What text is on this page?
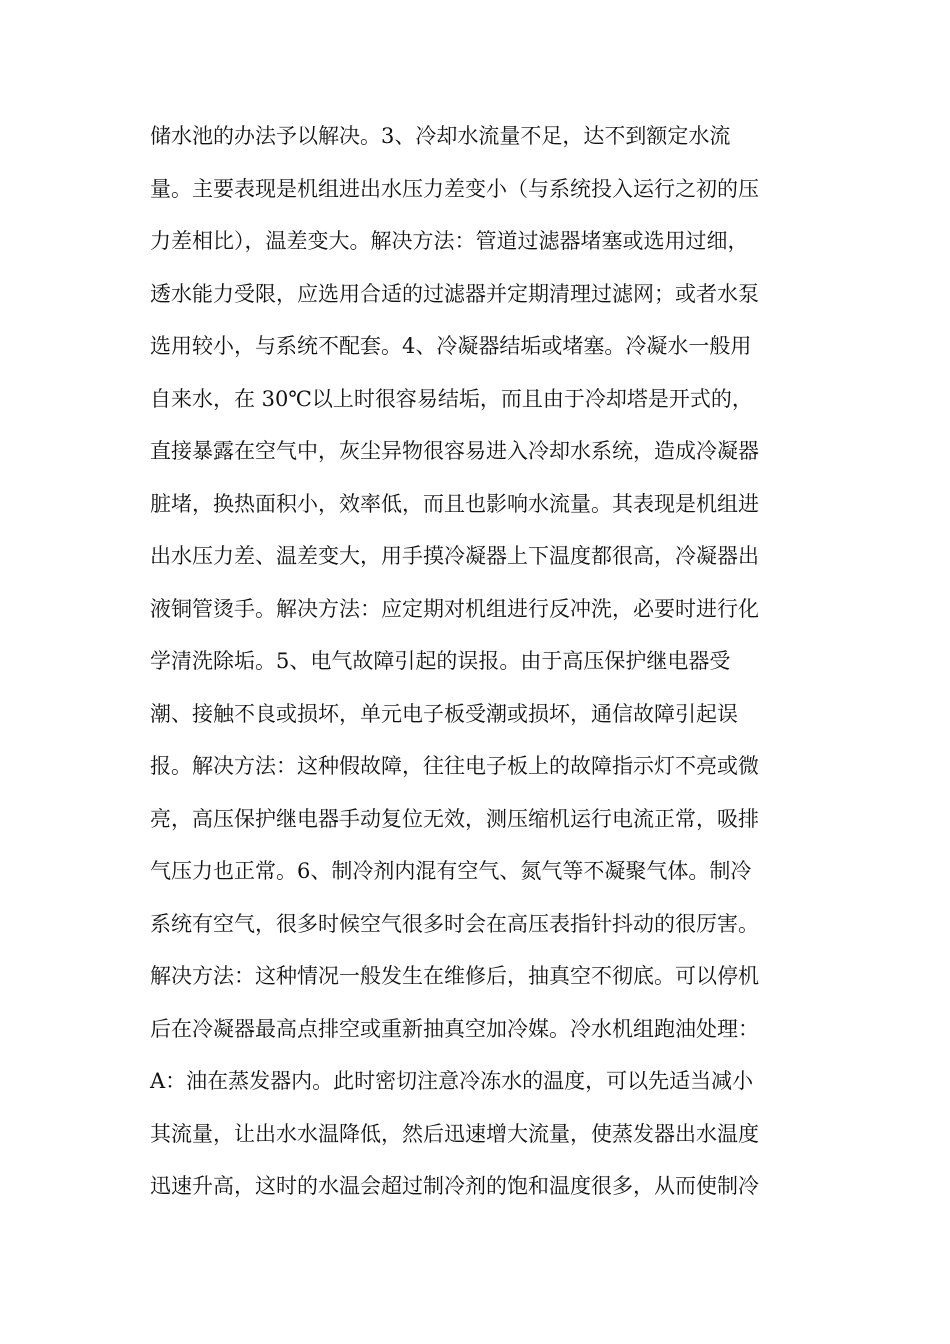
储水池的办法予以解决。3、冷却水流量不足，达不到额定水流
量。主要表现是机组进出水压力差变小（与系统投入运行之初的压
力差相比），温差变大。解决方法：管道过滤器堵塞或选用过细，
透水能力受限，应选用合适的过滤器并定期清理过滤网；或者水泵
选用较小，与系统不配套。4、冷凝器结垢或堵塞。冷凝水一般用
自来水，在 30℃以上时很容易结垢，而且由于冷却塔是开式的，
直接暴露在空气中，灰尘异物很容易进入冷却水系统，造成冷凝器
脏堵，换热面积小，效率低，而且也影响水流量。其表现是机组进
出水压力差、温差变大，用手摸冷凝器上下温度都很高，冷凝器出
液铜管烫手。解决方法：应定期对机组进行反冲洗，必要时进行化
学清洗除垢。5、电气故障引起的误报。由于高压保护继电器受
潮、接触不良或损坏，单元电子板受潮或损坏，通信故障引起误
报。解决方法：这种假故障，往往电子板上的故障指示灯不亮或微
亮，高压保护继电器手动复位无效，测压缩机运行电流正常，吸排
气压力也正常。6、制冷剂内混有空气、氮气等不凝聚气体。制冷
系统有空气，很多时候空气很多时会在高压表指针抖动的很厉害。
解决方法：这种情况一般发生在维修后，抽真空不彻底。可以停机
后在冷凝器最高点排空或重新抽真空加冷媒。冷水机组跑油处理：
A：油在蒸发器内。此时密切注意冷冻水的温度，可以先适当减小
其流量，让出水水温降低，然后迅速增大流量，使蒸发器出水温度
迅速升高，这时的水温会超过制冷剂的饱和温度很多，从而使制冷
